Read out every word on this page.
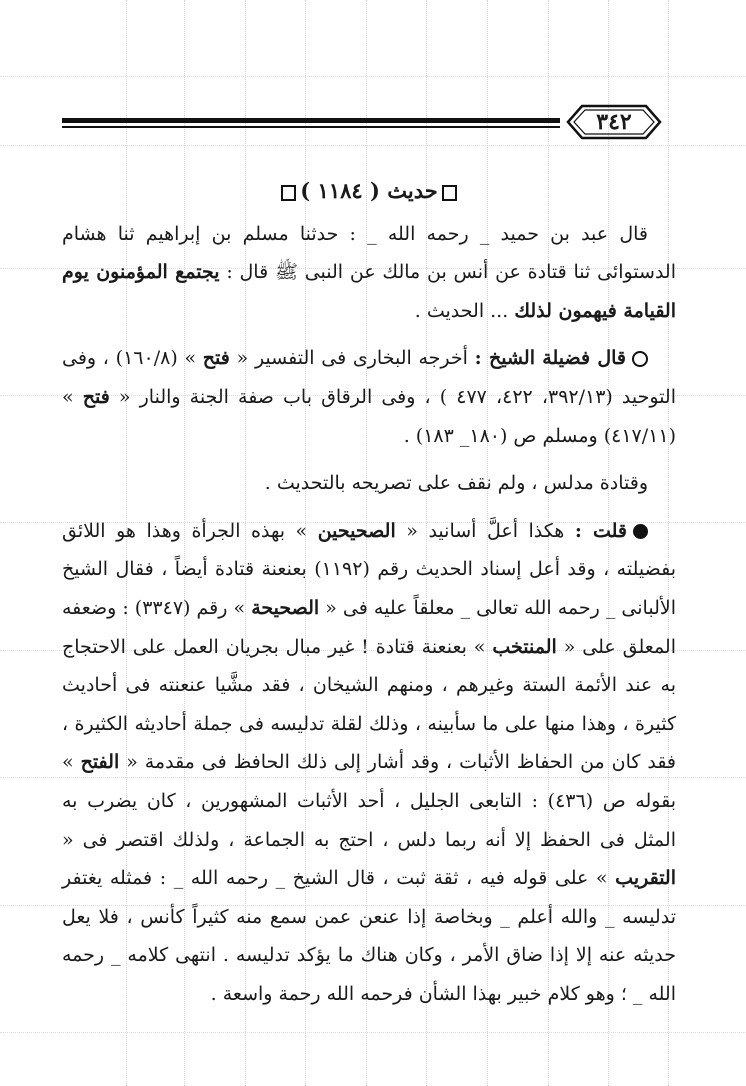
٣٤٢

حديث ( ١١٨٤ )

قال عبد بن حميد _ رحمه الله _ : حدثنا مسلم بن إبراهيم ثنا هشام الدستوائى ثنا قتادة عن أنس بن مالك عن النبى ﷺ قال : يجتمع المؤمنون يوم القيامة فيهمون لذلك ... الحديث .

قال فضيلة الشيخ : أخرجه البخارى فى التفسير « فتح » (١٦٠/٨) ، وفى التوحيد (٣٩٢/١٣، ٤٢٢، ٤٧٧ ) ، وفى الرقاق باب صفة الجنة والنار « فتح » (٤١٧/١١) ومسلم ص (١٨٠_ ١٨٣) .

وقتادة مدلس ، ولم نقف على تصريحه بالتحديث .

قلت : هكذا أعلَّ أسانيد « الصحيحين » بهذه الجرأة وهذا هو اللائق بفضيلته ، وقد أعل إسناد الحديث رقم (١١٩٢) بعنعنة قتادة أيضاً ، فقال الشيخ الألبانى _ رحمه الله تعالى _ معلقاً عليه فى « الصحيحة » رقم (٣٣٤٧) : وضعفه المعلق على « المنتخب » بعنعنة قتادة ! غير مبال بجريان العمل على الاحتجاج به عند الأئمة الستة وغيرهم ، ومنهم الشيخان ، فقد مشَّيا عنعنته فى أحاديث كثيرة ، وهذا منها على ما سأبينه ، وذلك لقلة تدليسه فى جملة أحاديثه الكثيرة ، فقد كان من الحفاظ الأثبات ، وقد أشار إلى ذلك الحافظ فى مقدمة « الفتح » بقوله ص (٤٣٦) : التابعى الجليل ، أحد الأثبات المشهورين ، كان يضرب به المثل فى الحفظ إلا أنه ربما دلس ، احتج به الجماعة ، ولذلك اقتصر فى « التقريب » على قوله فيه ، ثقة ثبت ، قال الشيخ _ رحمه الله _ : فمثله يغتفر تدليسه _ والله أعلم _ وبخاصة إذا عنعن عمن سمع منه كثيراً كأنس ، فلا يعل حديثه عنه إلا إذا ضاق الأمر ، وكان هناك ما يؤكد تدليسه . انتهى كلامه _ رحمه الله _ ؛ وهو كلام خبير بهذا الشأن فرحمه الله رحمة واسعة .
